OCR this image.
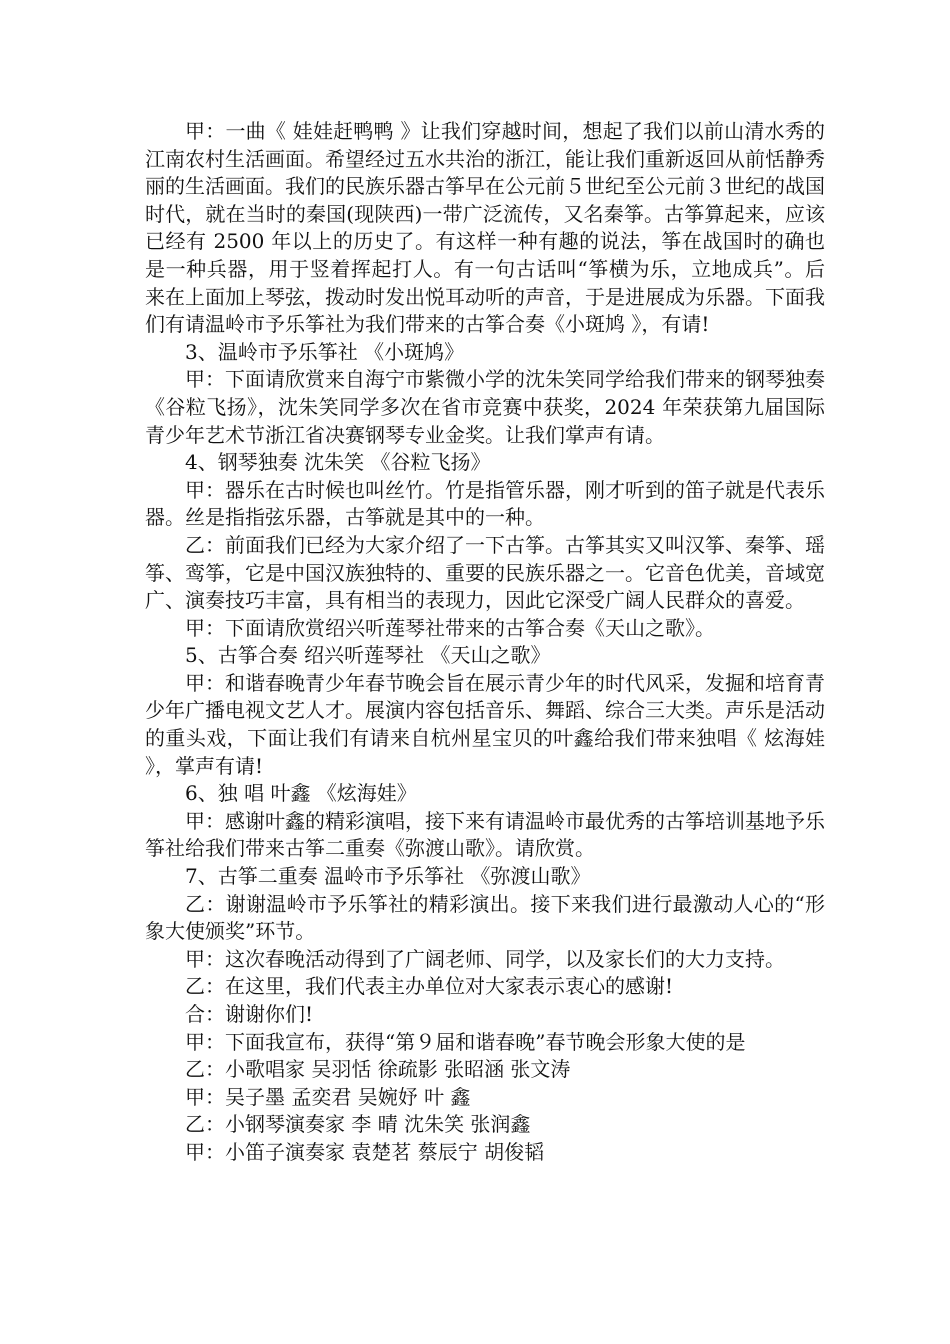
甲：一曲《 娃娃赶鸭鸭 》让我们穿越时间，想起了我们以前山清水秀的江南农村生活画面。希望经过五水共治的浙江，能让我们重新返回从前恬静秀丽的生活画面。我们的民族乐器古筝早在公元前５世纪至公元前３世纪的战国时代，就在当时的秦国(现陕西)一带广泛流传，又名秦筝。古筝算起来，应该已经有 2500 年以上的历史了。有这样一种有趣的说法，筝在战国时的确也是一种兵器，用于竖着挥起打人。有一句古话叫“筝横为乐，立地成兵”。后来在上面加上琴弦，拨动时发出悦耳动听的声音，于是进展成为乐器。下面我们有请温岭市予乐筝社为我们带来的古筝合奏《小斑鸠 》，有请!

3、温岭市予乐筝社 《小斑鸠》

甲：下面请欣赏来自海宁市紫微小学的沈朱笑同学给我们带来的钢琴独奏《谷粒飞扬》，沈朱笑同学多次在省市竞赛中获奖，2024 年荣获第九届国际青少年艺术节浙江省决赛钢琴专业金奖。让我们掌声有请。

4、钢琴独奏 沈朱笑 《谷粒飞扬》

甲：器乐在古时候也叫丝竹。竹是指管乐器，刚才听到的笛子就是代表乐器。丝是指指弦乐器，古筝就是其中的一种。

乙：前面我们已经为大家介绍了一下古筝。古筝其实又叫汉筝、秦筝、瑶筝、鸾筝，它是中国汉族独特的、重要的民族乐器之一。它音色优美，音域宽广、演奏技巧丰富，具有相当的表现力，因此它深受广阔人民群众的喜爱。

甲：下面请欣赏绍兴听莲琴社带来的古筝合奏《天山之歌》。

5、古筝合奏 绍兴听莲琴社 《天山之歌》

甲：和谐春晚青少年春节晚会旨在展示青少年的时代风采，发掘和培育青少年广播电视文艺人才。展演内容包括音乐、舞蹈、综合三大类。声乐是活动的重头戏，下面让我们有请来自杭州星宝贝的叶鑫给我们带来独唱《 炫海娃 》，掌声有请!

6、独 唱 叶鑫 《炫海娃》

甲：感谢叶鑫的精彩演唱，接下来有请温岭市最优秀的古筝培训基地予乐筝社给我们带来古筝二重奏《弥渡山歌》。请欣赏。

7、古筝二重奏 温岭市予乐筝社 《弥渡山歌》

乙：谢谢温岭市予乐筝社的精彩演出。接下来我们进行最激动人心的“形象大使颁奖”环节。

甲：这次春晚活动得到了广阔老师、同学，以及家长们的大力支持。

乙：在这里，我们代表主办单位对大家表示衷心的感谢!

合：谢谢你们!

甲：下面我宣布，获得“第９届和谐春晚”春节晚会形象大使的是

乙：小歌唱家 吴羽恬 徐疏影 张昭涵 张文涛

甲：吴子墨 孟奕君 吴婉妤 叶 鑫

乙：小钢琴演奏家 李 晴 沈朱笑 张润鑫

甲：小笛子演奏家 袁楚茗 蔡辰宁 胡俊韬
